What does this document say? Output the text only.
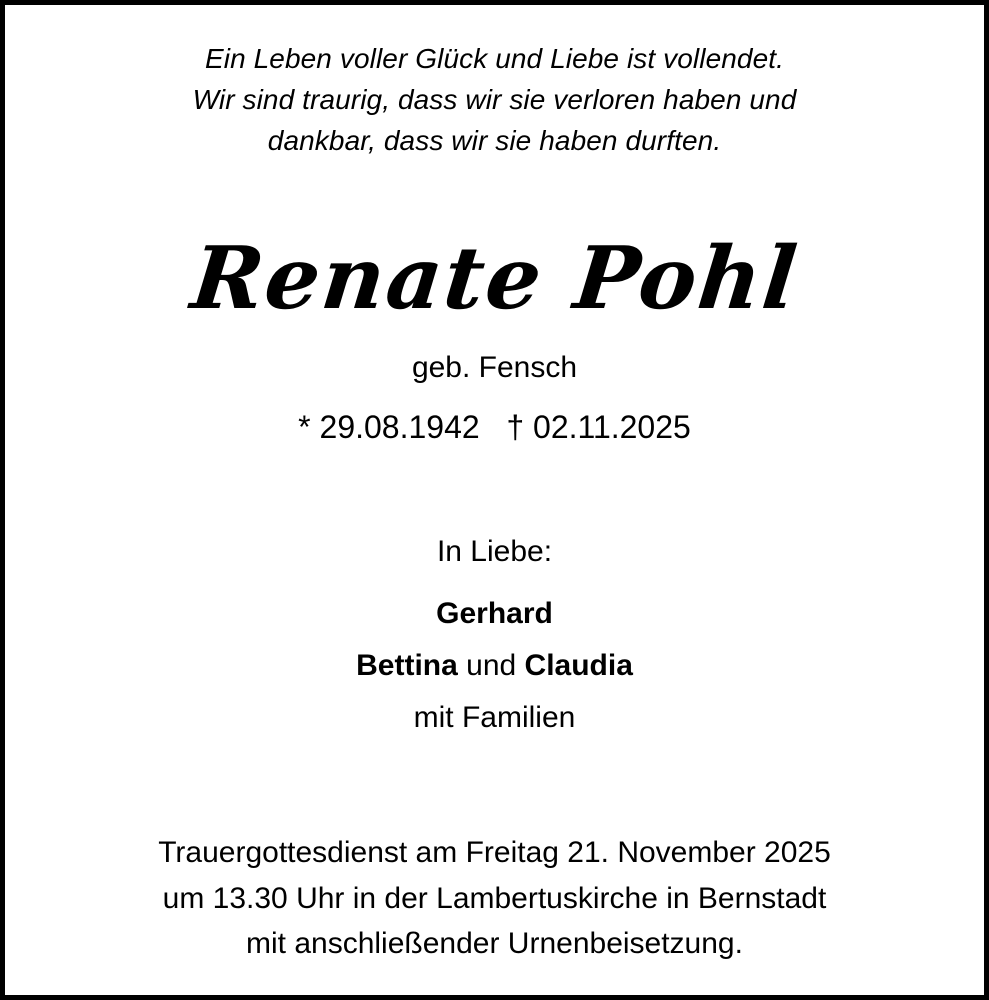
Ein Leben voller Glück und Liebe ist vollendet.
Wir sind traurig, dass wir sie verloren haben und
dankbar, dass wir sie haben durften.
Renate Pohl
geb. Fensch
* 29.08.1942   † 02.11.2025
In Liebe:
Gerhard
Bettina und Claudia
mit Familien
Trauergottesdienst am Freitag 21. November 2025
um 13.30 Uhr in der Lambertuskirche in Bernstadt
mit anschließender Urnenbeisetzung.
